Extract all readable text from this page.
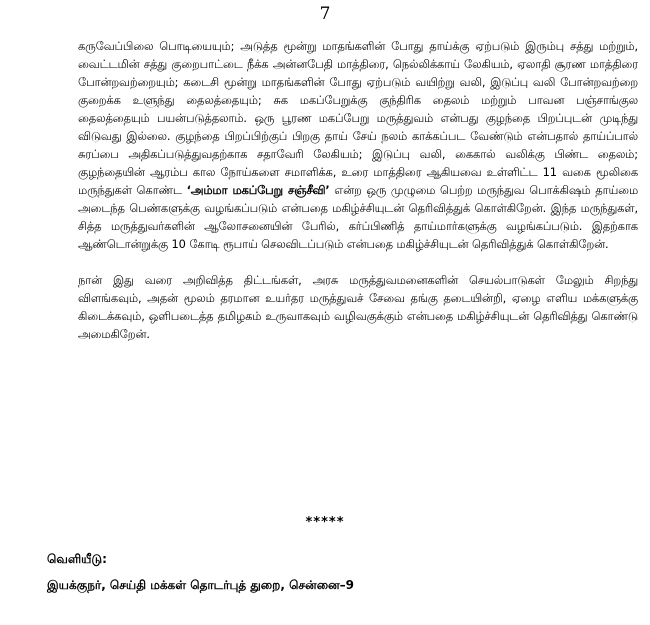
7

கருவேப்பிலை பொடியையும்; அடுத்த மூன்று மாதங்களின் போது தாய்க்கு ஏற்படும் இரும்பு சத்து மற்றும், வைட்டமின் சத்து குறைபாட்டை நீக்க அன்னபேதி மாத்திரை, நெல்லிக்காய் லேகியம், ஏலாதி சூரண மாத்திரை போன்றவற்றையும்; கடைசி மூன்று மாதங்களின் போது ஏற்படும் வயிற்று வலி, இடுப்பு வலி போன்றவற்றை குறைக்க உளுந்து தைலத்தையும்; சுக மகப்பேறுக்கு குந்திரிக தைலம் மற்றும் பாவன பஞ்சாங்குல தைலத்தையும் பயன்படுத்தலாம். ஒரு பூரண மகப்பேறு மருத்துவம் என்பது குழந்தை பிறப்புடன் முடிந்து விடுவது இல்லை. குழந்தை பிறப்பிற்குப் பிறகு தாய் சேய் நலம் காக்கப்பட வேண்டும் என்பதால் தாய்ப்பால் சுரப்பை அதிகப்படுத்துவதற்காக சதாவேரி லேகியம்; இடுப்பு வலி, கைகால் வலிக்கு பிண்ட தைலம்; குழந்தையின் ஆரம்ப கால நோய்களை சமாளிக்க, உரை மாத்திரை ஆகியவை உள்ளிட்ட 11 வகை மூலிகை மருந்துகள் கொண்ட ‘அம்மா மகப்பேறு சஞ்சீவி’ என்ற ஒரு முழுமை பெற்ற மருந்துவ பொக்கிஷம் தாய்மை அடைந்த பெண்களுக்கு வழங்கப்படும் என்பதை மகிழ்ச்சியுடன் தெரிவித்துக் கொள்கிறேன். இந்த மருந்துகள், சித்த மருத்துவர்களின் ஆலோசனையின் பேரில், கர்ப்பிணித் தாய்மார்களுக்கு வழங்கப்படும். இதற்காக ஆண்டொன்றுக்கு 10 கோடி ரூபாய் செலவிடப்படும் என்பதை மகிழ்ச்சியுடன் தெரிவித்துக் கொள்கிறேன்.

நான் இது வரை அறிவித்த திட்டங்கள், அரசு மருத்துவமனைகளின் செயல்பாடுகள் மேலும் சிறந்து விளங்கவும், அதன் மூலம் தரமான உயர்தர மருத்துவச் சேவை தங்கு தடையின்றி, ஏழை எளிய மக்களுக்கு கிடைக்கவும், ஒளிபடைத்த தமிழகம் உருவாகவும் வழிவகுக்கும் என்பதை மகிழ்ச்சியுடன் தெரிவித்து கொண்டு அமைகிறேன்.

*****
வெளியீடு:
இயக்குநர், செய்தி மக்கள் தொடர்புத் துறை, சென்னை–9
